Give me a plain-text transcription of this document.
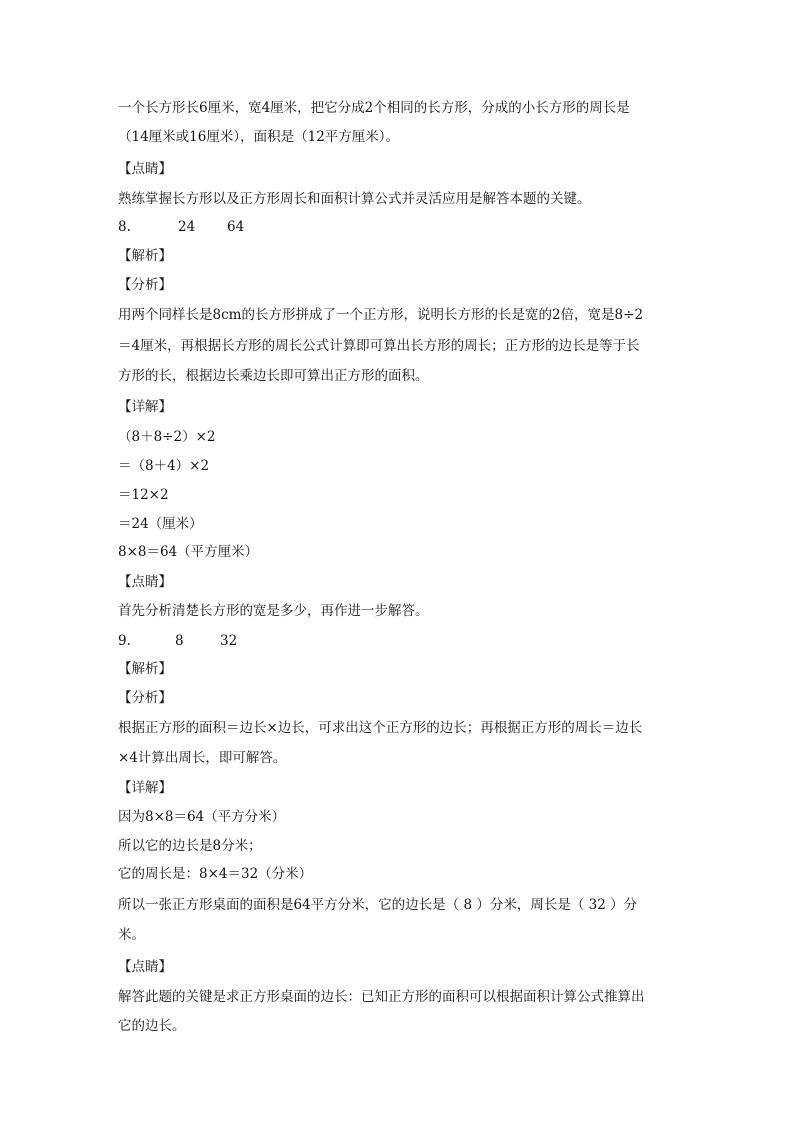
一个长方形长6厘米，宽4厘米，把它分成2个相同的长方形，分成的小长方形的周长是
（14厘米或16厘米），面积是（12平方厘米）。
【点睛】
熟练掌握长方形以及正方形周长和面积计算公式并灵活应用是解答本题的关键。
8.	24 64
【解析】
【分析】
用两个同样长是8cm的长方形拼成了一个正方形，说明长方形的长是宽的2倍，宽是8÷2
＝4厘米，再根据长方形的周长公式计算即可算出长方形的周长；正方形的边长是等于长
方形的长，根据边长乘边长即可算出正方形的面积。
【详解】
（8＋8÷2）×2
＝（8＋4）×2
＝12×2
＝24（厘米）
8×8＝64（平方厘米）
【点睛】
首先分析清楚长方形的宽是多少，再作进一步解答。
9.	8	32
【解析】
【分析】
根据正方形的面积＝边长×边长，可求出这个正方形的边长；再根据正方形的周长＝边长
×4计算出周长，即可解答。
【详解】
因为8×8＝64（平方分米）
所以它的边长是8分米；
它的周长是：8×4＝32（分米）
所以一张正方形桌面的面积是64平方分米，它的边长是（ 8 ）分米，周长是（ 32 ）分
米。
【点睛】
解答此题的关键是求正方形桌面的边长：已知正方形的面积可以根据面积计算公式推算出
它的边长。
